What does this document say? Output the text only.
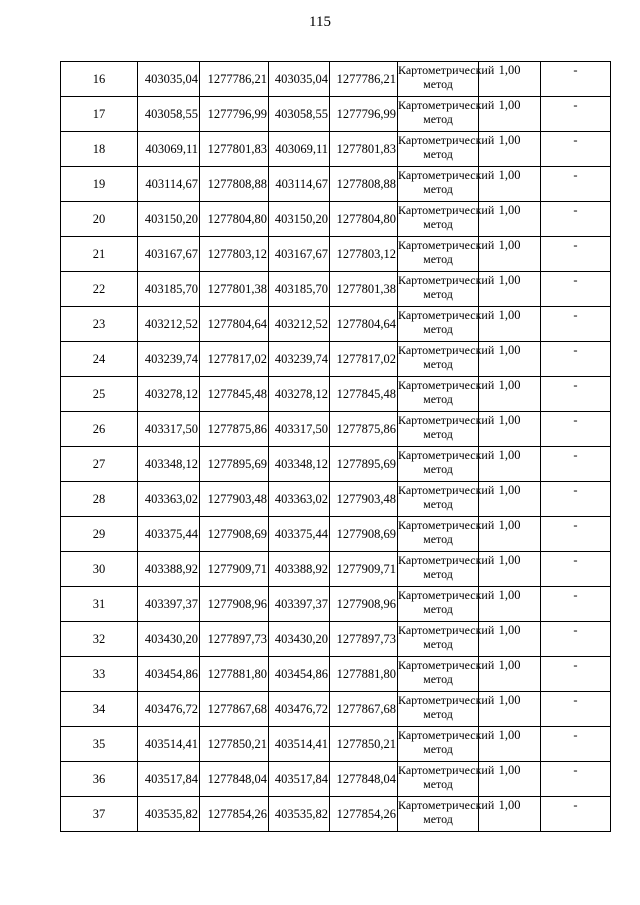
115
16	403035,04	1277786,21	403035,04	1277786,21	Картометрический метод	1,00	-
17	403058,55	1277796,99	403058,55	1277796,99	Картометрический метод	1,00	-
18	403069,11	1277801,83	403069,11	1277801,83	Картометрический метод	1,00	-
19	403114,67	1277808,88	403114,67	1277808,88	Картометрический метод	1,00	-
20	403150,20	1277804,80	403150,20	1277804,80	Картометрический метод	1,00	-
21	403167,67	1277803,12	403167,67	1277803,12	Картометрический метод	1,00	-
22	403185,70	1277801,38	403185,70	1277801,38	Картометрический метод	1,00	-
23	403212,52	1277804,64	403212,52	1277804,64	Картометрический метод	1,00	-
24	403239,74	1277817,02	403239,74	1277817,02	Картометрический метод	1,00	-
25	403278,12	1277845,48	403278,12	1277845,48	Картометрический метод	1,00	-
26	403317,50	1277875,86	403317,50	1277875,86	Картометрический метод	1,00	-
27	403348,12	1277895,69	403348,12	1277895,69	Картометрический метод	1,00	-
28	403363,02	1277903,48	403363,02	1277903,48	Картометрический метод	1,00	-
29	403375,44	1277908,69	403375,44	1277908,69	Картометрический метод	1,00	-
30	403388,92	1277909,71	403388,92	1277909,71	Картометрический метод	1,00	-
31	403397,37	1277908,96	403397,37	1277908,96	Картометрический метод	1,00	-
32	403430,20	1277897,73	403430,20	1277897,73	Картометрический метод	1,00	-
33	403454,86	1277881,80	403454,86	1277881,80	Картометрический метод	1,00	-
34	403476,72	1277867,68	403476,72	1277867,68	Картометрический метод	1,00	-
35	403514,41	1277850,21	403514,41	1277850,21	Картометрический метод	1,00	-
36	403517,84	1277848,04	403517,84	1277848,04	Картометрический метод	1,00	-
37	403535,82	1277854,26	403535,82	1277854,26	Картометрический метод	1,00	-
